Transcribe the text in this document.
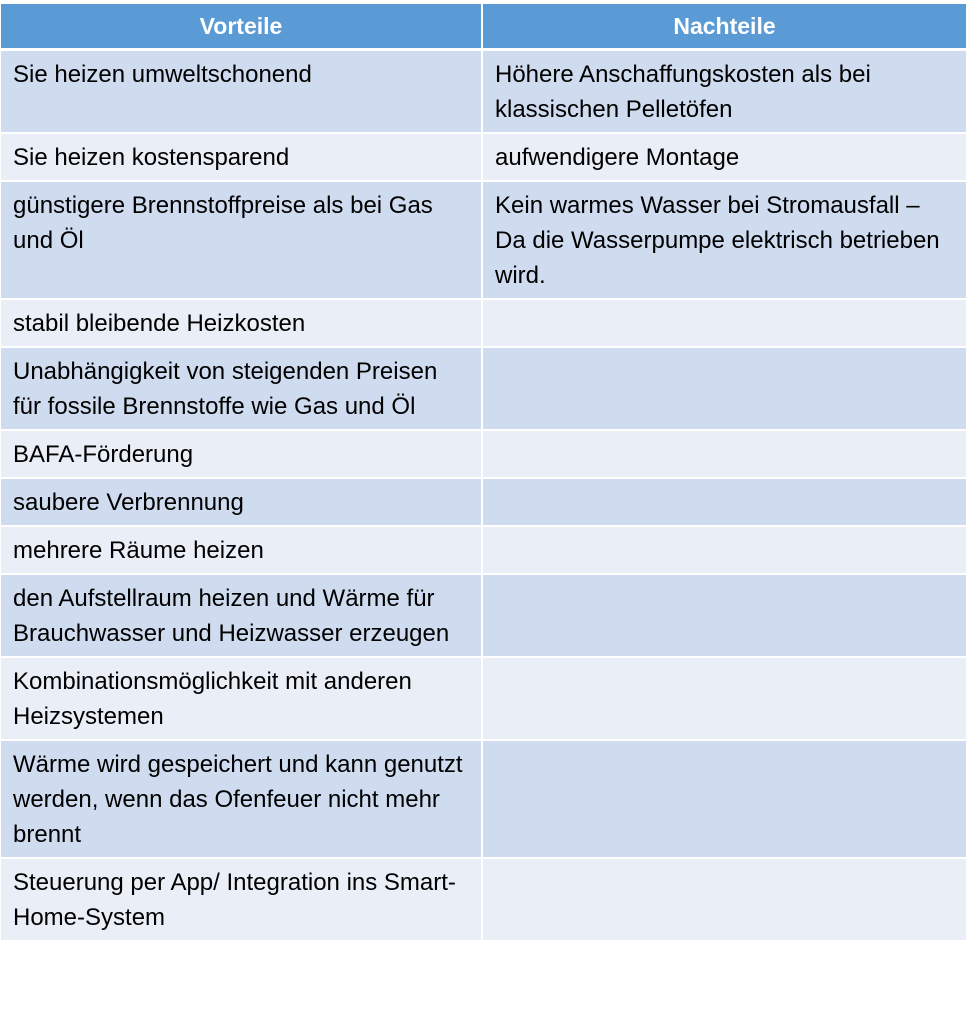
Vorteile	Nachteile
Sie heizen umweltschonend	Höhere Anschaffungskosten als bei klassischen Pelletöfen
Sie heizen kostensparend	aufwendigere Montage
günstigere Brennstoffpreise als bei Gas und Öl	Kein warmes Wasser bei Stromausfall – Da die Wasserpumpe elektrisch betrieben wird.
stabil bleibende Heizkosten	
Unabhängigkeit von steigenden Preisen für fossile Brennstoffe wie Gas und Öl	
BAFA-Förderung	
saubere Verbrennung	
mehrere Räume heizen	
den Aufstellraum heizen und Wärme für Brauchwasser und Heizwasser erzeugen	
Kombinationsmöglichkeit mit anderen Heizsystemen	
Wärme wird gespeichert und kann genutzt werden, wenn das Ofenfeuer nicht mehr brennt	
Steuerung per App/ Integration ins Smart-Home-System	
